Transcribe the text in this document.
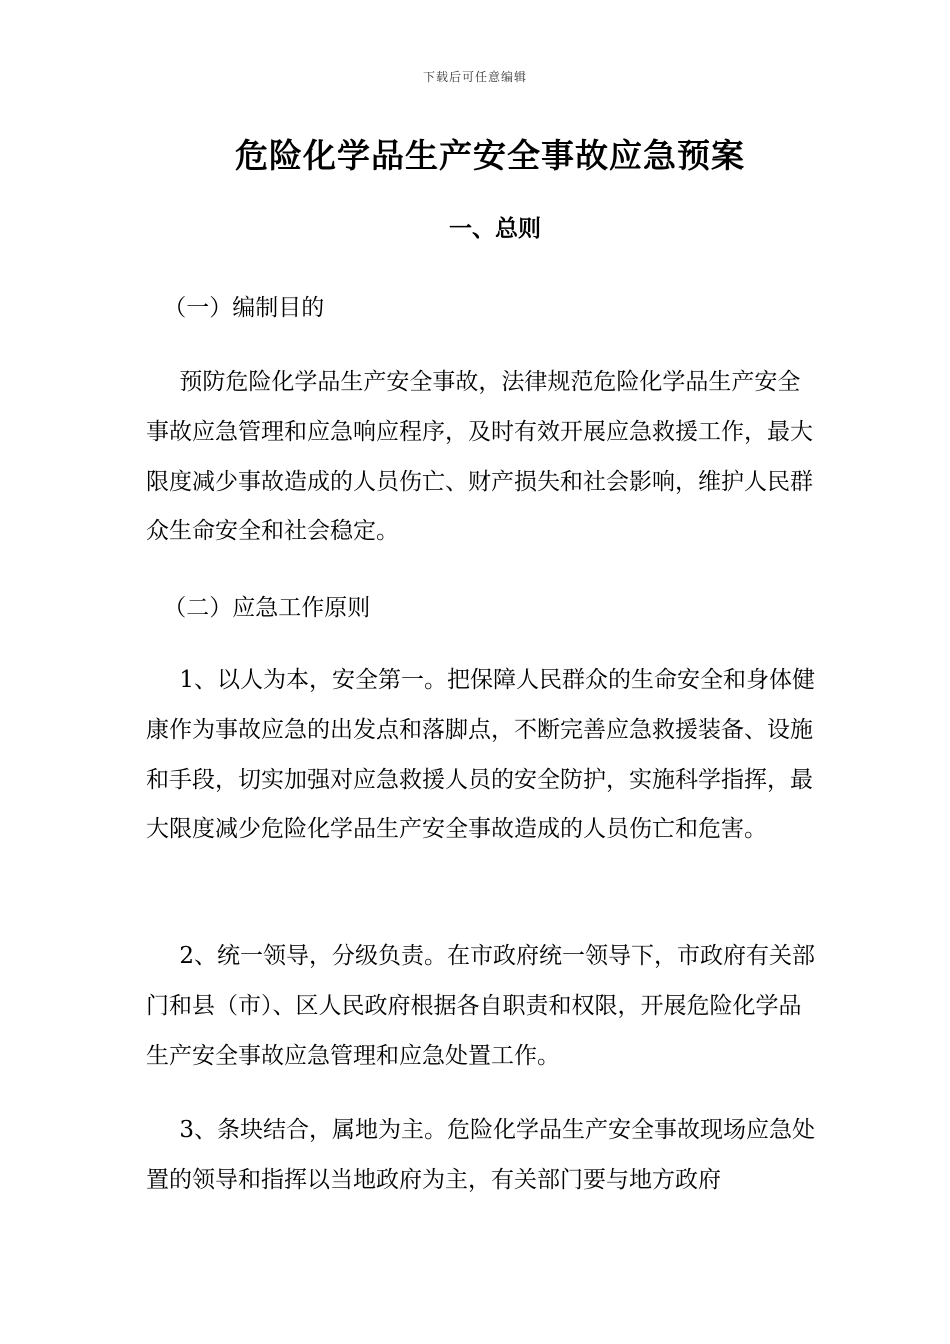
下载后可任意编辑
危险化学品生产安全事故应急预案
一、总则

（一）编制目的

预防危险化学品生产安全事故，法律规范危险化学品生产安全事故应急管理和应急响应程序，及时有效开展应急救援工作，最大限度减少事故造成的人员伤亡、财产损失和社会影响，维护人民群众生命安全和社会稳定。

（二）应急工作原则

1、以人为本，安全第一。把保障人民群众的生命安全和身体健康作为事故应急的出发点和落脚点，不断完善应急救援装备、设施和手段，切实加强对应急救援人员的安全防护，实施科学指挥，最大限度减少危险化学品生产安全事故造成的人员伤亡和危害。

2、统一领导，分级负责。在市政府统一领导下，市政府有关部门和县（市）、区人民政府根据各自职责和权限，开展危险化学品生产安全事故应急管理和应急处置工作。

3、条块结合，属地为主。危险化学品生产安全事故现场应急处置的领导和指挥以当地政府为主，有关部门要与地方政府
